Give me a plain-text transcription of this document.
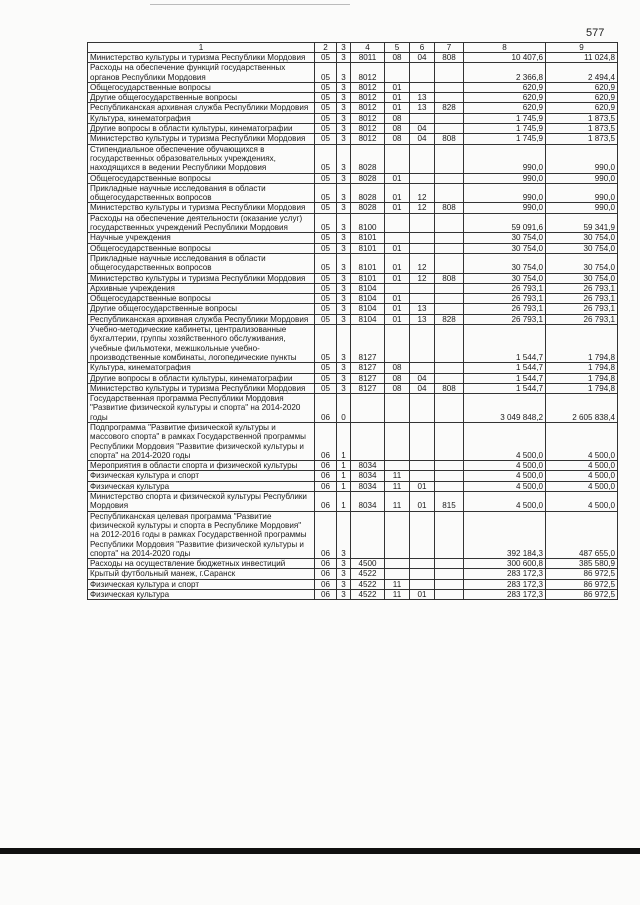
577
1	2	3	4	5	6	7	8	9
Министерство культуры и туризма Республики Мордовия	05	3	8011	08	04	808	10 407,6	11 024,8
Расходы на обеспечение функций государственных органов Республики Мордовия	05	3	8012				2 366,8	2 494,4
Общегосударственные вопросы	05	3	8012	01			620,9	620,9
Другие общегосударственные вопросы	05	3	8012	01	13		620,9	620,9
Республиканская архивная служба Республики Мордовия	05	3	8012	01	13	828	620,9	620,9
Культура, кинематография	05	3	8012	08			1 745,9	1 873,5
Другие вопросы в области культуры, кинематографии	05	3	8012	08	04		1 745,9	1 873,5
Министерство культуры и туризма Республики Мордовия	05	3	8012	08	04	808	1 745,9	1 873,5
Стипендиальное обеспечение обучающихся в государственных образовательных учреждениях, находящихся в ведении Республики Мордовия	05	3	8028				990,0	990,0
Общегосударственные вопросы	05	3	8028	01			990,0	990,0
Прикладные научные исследования в области общегосударственных вопросов	05	3	8028	01	12		990,0	990,0
Министерство культуры и туризма Республики Мордовия	05	3	8028	01	12	808	990,0	990,0
Расходы на обеспечение деятельности (оказание услуг) государственных учреждений Республики Мордовия	05	3	8100				59 091,6	59 341,9
Научные учреждения	05	3	8101				30 754,0	30 754,0
Общегосударственные вопросы	05	3	8101	01			30 754,0	30 754,0
Прикладные научные исследования в области общегосударственных вопросов	05	3	8101	01	12		30 754,0	30 754,0
Министерство культуры и туризма Республики Мордовия	05	3	8101	01	12	808	30 754,0	30 754,0
Архивные учреждения	05	3	8104				26 793,1	26 793,1
Общегосударственные вопросы	05	3	8104	01			26 793,1	26 793,1
Другие общегосударственные вопросы	05	3	8104	01	13		26 793,1	26 793,1
Республиканская архивная служба Республики Мордовия	05	3	8104	01	13	828	26 793,1	26 793,1
Учебно-методические кабинеты, централизованные бухгалтерии, группы хозяйственного обслуживания, учебные фильмотеки, межшкольные учебно-производственные комбинаты, логопедические пункты	05	3	8127				1 544,7	1 794,8
Культура, кинематография	05	3	8127	08			1 544,7	1 794,8
Другие вопросы в области культуры, кинематографии	05	3	8127	08	04		1 544,7	1 794,8
Министерство культуры и туризма Республики Мордовия	05	3	8127	08	04	808	1 544,7	1 794,8
Государственная программа Республики Мордовия "Развитие физической культуры и спорта" на 2014-2020 годы	06	0					3 049 848,2	2 605 838,4
Подпрограмма "Развитие физической культуры и массового спорта" в рамках Государственной программы Республики Мордовия "Развитие физической культуры и спорта" на 2014-2020 годы	06	1					4 500,0	4 500,0
Мероприятия в области спорта и физической культуры	06	1	8034				4 500,0	4 500,0
Физическая культура и спорт	06	1	8034	11			4 500,0	4 500,0
Физическая культура	06	1	8034	11	01		4 500,0	4 500,0
Министерство спорта и физической культуры Республики Мордовия	06	1	8034	11	01	815	4 500,0	4 500,0
Республиканская целевая программа "Развитие физической культуры и спорта в Республике Мордовия" на 2012-2016 годы в рамках Государственной программы Республики Мордовия "Развитие физической культуры и спорта" на 2014-2020 годы	06	3					392 184,3	487 655,0
Расходы на осуществление бюджетных инвестиций	06	3	4500				300 600,8	385 580,9
Крытый футбольный манеж, г.Саранск	06	3	4522				283 172,3	86 972,5
Физическая культура и спорт	06	3	4522	11			283 172,3	86 972,5
Физическая культура	06	3	4522	11	01		283 172,3	86 972,5
